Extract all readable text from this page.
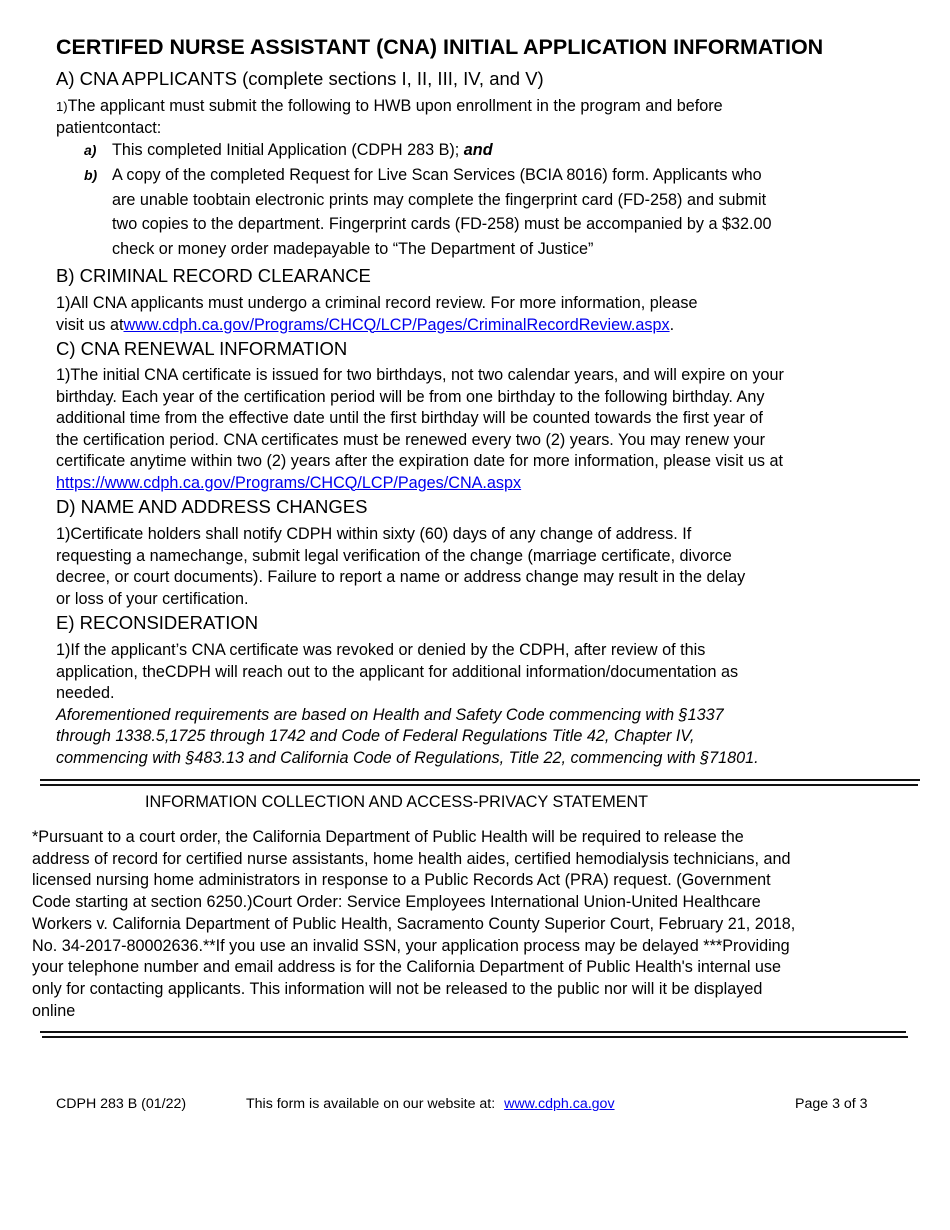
CERTIFED NURSE ASSISTANT (CNA) INITIAL APPLICATION INFORMATION
A) CNA APPLICANTS (complete sections I, II, III, IV, and V)
1)The applicant must submit the following to HWB upon enrollment in the program and before
patientcontact:
a) This completed Initial Application (CDPH 283 B); and
b) A copy of the completed Request for Live Scan Services (BCIA 8016) form. Applicants who
are unable toobtain electronic prints may complete the fingerprint card (FD-258) and submit
two copies to the department. Fingerprint cards (FD-258) must be accompanied by a $32.00
check or money order madepayable to “The Department of Justice”
B) CRIMINAL RECORD CLEARANCE
1)All CNA applicants must undergo a criminal record review. For more information, please
visit us atwww.cdph.ca.gov/Programs/CHCQ/LCP/Pages/CriminalRecordReview.aspx.
C) CNA RENEWAL INFORMATION
1)The initial CNA certificate is issued for two birthdays, not two calendar years, and will expire on your
birthday. Each year of the certification period will be from one birthday to the following birthday. Any
additional time from the effective date until the first birthday will be counted towards the first year of
the certification period. CNA certificates must be renewed every two (2) years. You may renew your
certificate anytime within two (2) years after the expiration date for more information, please visit us at
https://www.cdph.ca.gov/Programs/CHCQ/LCP/Pages/CNA.aspx
D) NAME AND ADDRESS CHANGES
1)Certificate holders shall notify CDPH within sixty (60) days of any change of address. If
requesting a namechange, submit legal verification of the change (marriage certificate, divorce
decree, or court documents). Failure to report a name or address change may result in the delay
or loss of your certification.
E) RECONSIDERATION
1)If the applicant’s CNA certificate was revoked or denied by the CDPH, after review of this
application, theCDPH will reach out to the applicant for additional information/documentation as
needed.
Aforementioned requirements are based on Health and Safety Code commencing with §1337
through 1338.5,1725 through 1742 and Code of Federal Regulations Title 42, Chapter IV,
commencing with §483.13 and California Code of Regulations, Title 22, commencing with §71801.
INFORMATION COLLECTION AND ACCESS-PRIVACY STATEMENT
*Pursuant to a court order, the California Department of Public Health will be required to release the
address of record for certified nurse assistants, home health aides, certified hemodialysis technicians, and
licensed nursing home administrators in response to a Public Records Act (PRA) request. (Government
Code starting at section 6250.)Court Order: Service Employees International Union-United Healthcare
Workers v. California Department of Public Health, Sacramento County Superior Court, February 21, 2018,
No. 34-2017-80002636.**If you use an invalid SSN, your application process may be delayed ***Providing
your telephone number and email address is for the California Department of Public Health's internal use
only for contacting applicants. This information will not be released to the public nor will it be displayed
online
CDPH 283 B (01/22)	This form is available on our website at: www.cdph.ca.gov	Page 3 of 3
